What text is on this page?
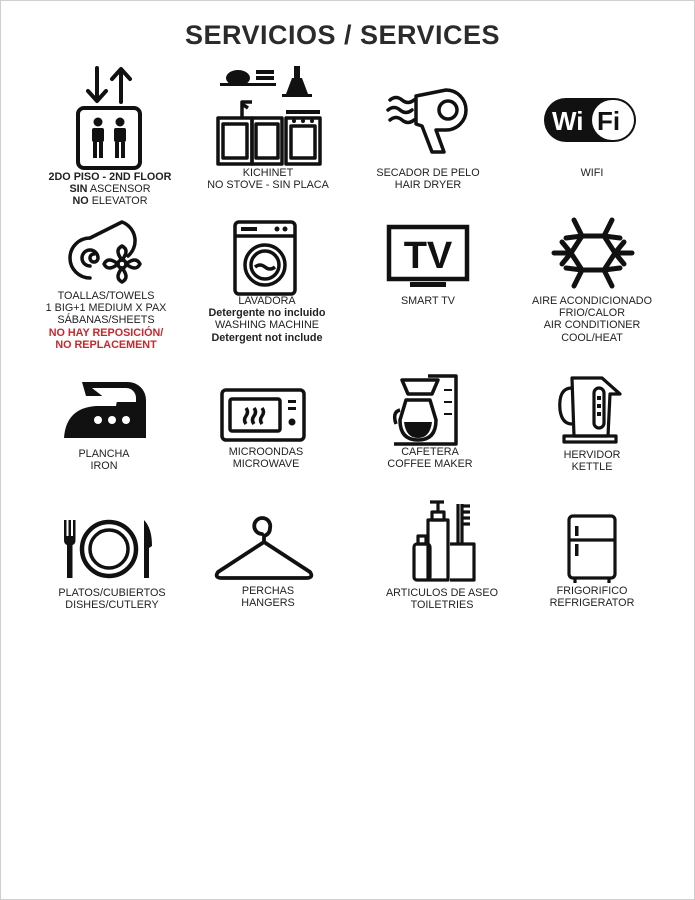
SERVICIOS / SERVICES
2DO PISO - 2ND FLOOR
SIN ASCENSOR
NO ELEVATOR
KICHINET
NO STOVE - SIN PLACA
SECADOR DE PELO
HAIR DRYER
Wi Fi
WIFI
TOALLAS/TOWELS
1 BIG+1 MEDIUM X PAX
SÁBANAS/SHEETS
NO HAY REPOSICIÓN/
NO REPLACEMENT
LAVADORA
Detergente no incluido
WASHING MACHINE
Detergent not include
TV
SMART TV	AIRE ACONDICIONADO
FRIO/CALOR
AIR CONDITIONER
COOL/HEAT
PLANCHA
IRON
MICROONDAS
MICROWAVE
CAFETERA
COFFEE MAKER
HERVIDOR
KETTLE
PLATOS/CUBIERTOS
DISHES/CUTLERY
PERCHAS
HANGERS
ARTICULOS DE ASEO
TOILETRIES
FRIGORIFICO
REFRIGERATOR
